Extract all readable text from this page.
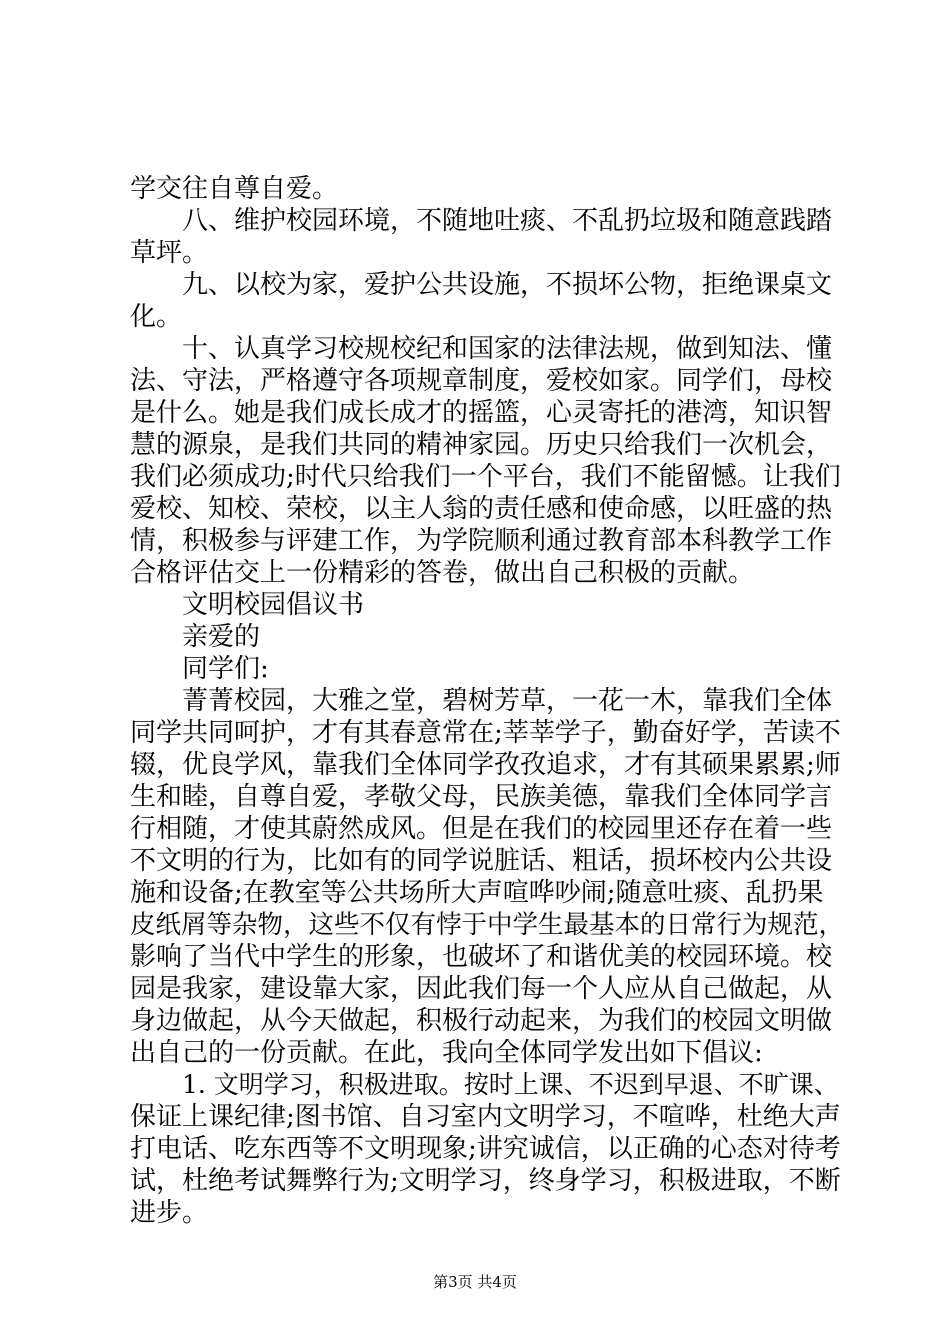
学交往自尊自爱。
八、维护校园环境，不随地吐痰、不乱扔垃圾和随意践踏
草坪。
九、以校为家，爱护公共设施，不损坏公物，拒绝课桌文
化。
十、认真学习校规校纪和国家的法律法规，做到知法、懂
法、守法，严格遵守各项规章制度，爱校如家。同学们，母校
是什么。她是我们成长成才的摇篮，心灵寄托的港湾，知识智
慧的源泉，是我们共同的精神家园。历史只给我们一次机会，
我们必须成功;时代只给我们一个平台，我们不能留憾。让我们
爱校、知校、荣校，以主人翁的责任感和使命感，以旺盛的热
情，积极参与评建工作，为学院顺利通过教育部本科教学工作
合格评估交上一份精彩的答卷，做出自己积极的贡献。
文明校园倡议书
亲爱的
同学们:
菁菁校园，大雅之堂，碧树芳草，一花一木，靠我们全体
同学共同呵护，才有其春意常在;莘莘学子，勤奋好学，苦读不
辍，优良学风，靠我们全体同学孜孜追求，才有其硕果累累;师
生和睦，自尊自爱，孝敬父母，民族美德，靠我们全体同学言
行相随，才使其蔚然成风。但是在我们的校园里还存在着一些
不文明的行为，比如有的同学说脏话、粗话，损坏校内公共设
施和设备;在教室等公共场所大声喧哗吵闹;随意吐痰、乱扔果
皮纸屑等杂物，这些不仅有悖于中学生最基本的日常行为规范，
影响了当代中学生的形象，也破坏了和谐优美的校园环境。校
园是我家，建设靠大家，因此我们每一个人应从自己做起，从
身边做起，从今天做起，积极行动起来，为我们的校园文明做
出自己的一份贡献。在此，我向全体同学发出如下倡议:
1. 文明学习，积极进取。按时上课、不迟到早退、不旷课、
保证上课纪律;图书馆、自习室内文明学习，不喧哗，杜绝大声
打电话、吃东西等不文明现象;讲究诚信，以正确的心态对待考
试，杜绝考试舞弊行为;文明学习，终身学习，积极进取，不断
进步。
第3页 共4页
